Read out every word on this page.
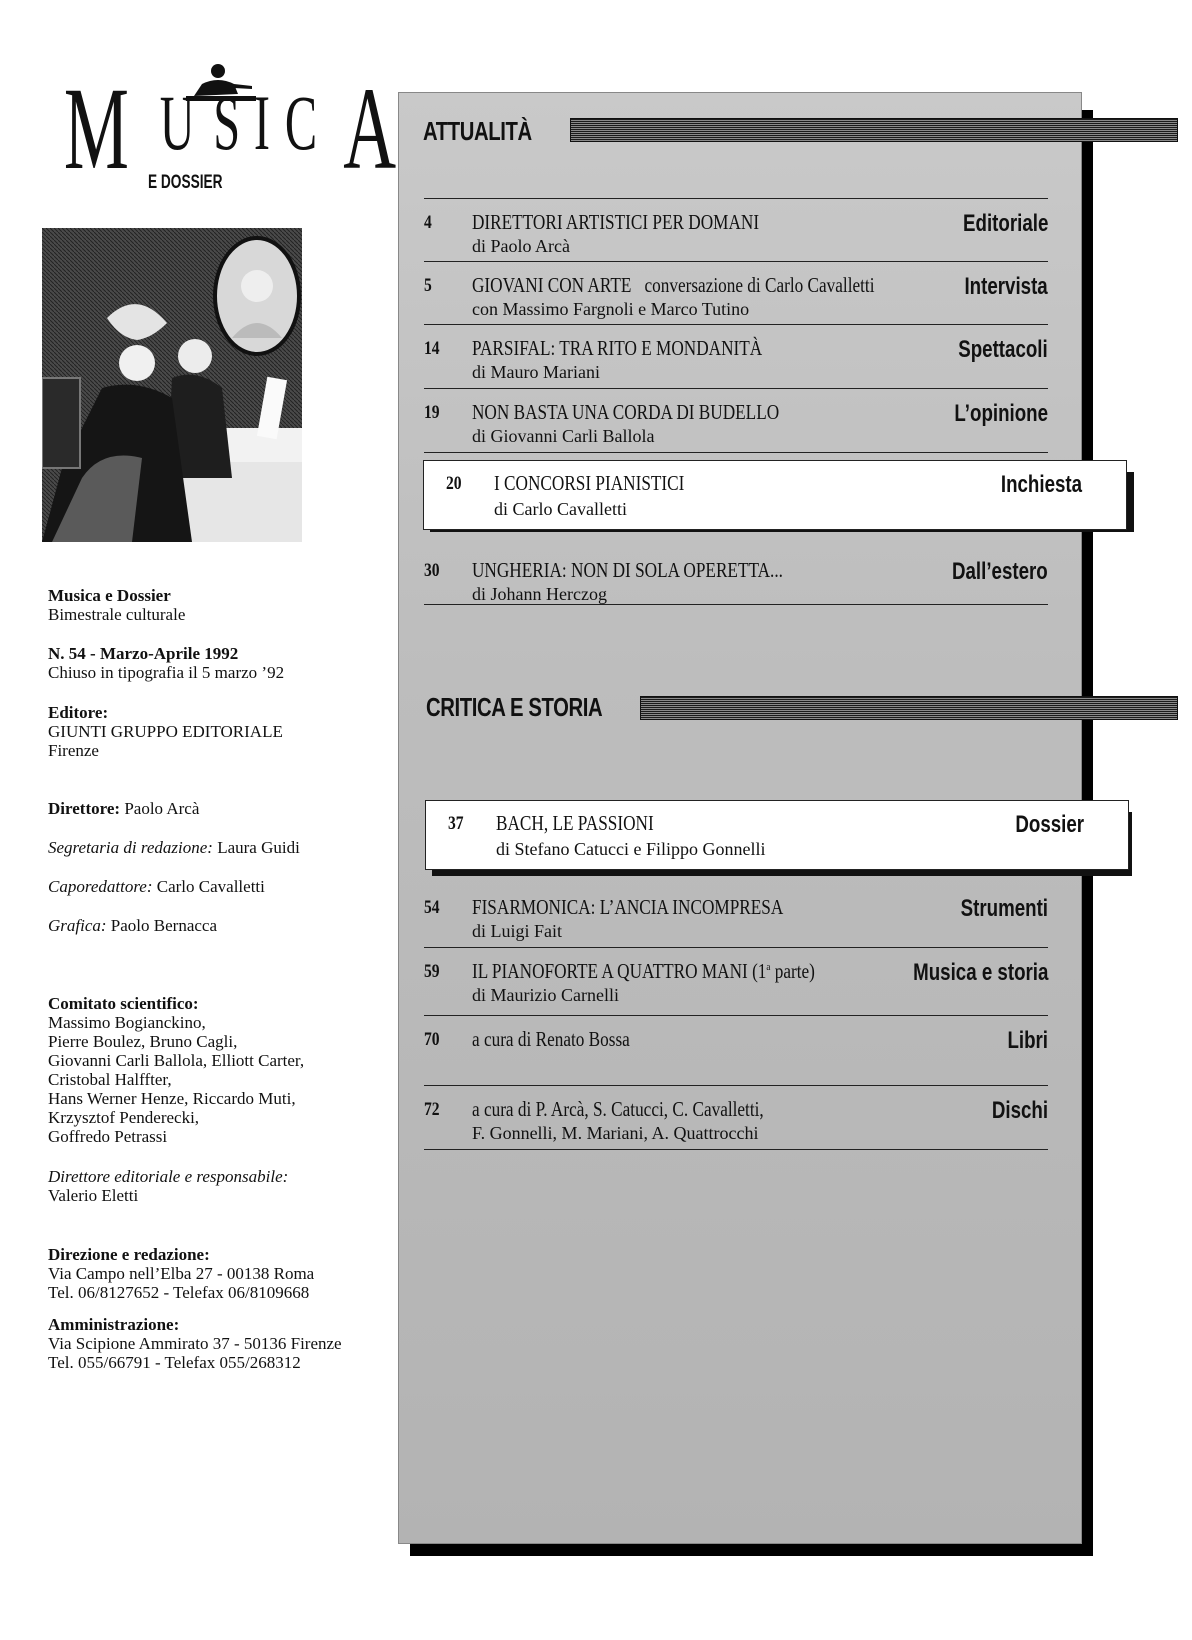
M U S I C A
E DOSSIER
Musica e Dossier
Bimestrale culturale
N. 54 - Marzo-Aprile 1992
Chiuso in tipografia il 5 marzo ’92
Editore:
GIUNTI GRUPPO EDITORIALE
Firenze
Direttore: Paolo Arcà
Segretaria di redazione: Laura Guidi
Caporedattore: Carlo Cavalletti
Grafica: Paolo Bernacca
Comitato scientifico:
Massimo Bogianckino,
Pierre Boulez, Bruno Cagli,
Giovanni Carli Ballola, Elliott Carter,
Cristobal Halffter,
Hans Werner Henze, Riccardo Muti,
Krzysztof Penderecki,
Goffredo Petrassi
Direttore editoriale e responsabile:
Valerio Eletti
Direzione e redazione:
Via Campo nell’Elba 27 - 00138 Roma
Tel. 06/8127652 - Telefax 06/8109668
Amministrazione:
Via Scipione Ammirato 37 - 50136 Firenze
Tel. 055/66791 - Telefax 055/268312
ATTUALITÀ
4 DIRETTORI ARTISTICI PER DOMANI
di Paolo Arcà
Editoriale
5 GIOVANI CON ARTE conversazione di Carlo Cavalletti
con Massimo Fargnoli e Marco Tutino
Intervista
14 PARSIFAL: TRA RITO E MONDANITÀ
di Mauro Mariani
Spettacoli
19 NON BASTA UNA CORDA DI BUDELLO
di Giovanni Carli Ballola
L’opinione
20 I CONCORSI PIANISTICI
di Carlo Cavalletti
Inchiesta
30 UNGHERIA: NON DI SOLA OPERETTA...
di Johann Herczog
Dall’estero
CRITICA E STORIA
37 BACH, LE PASSIONI
di Stefano Catucci e Filippo Gonnelli
Dossier
54 FISARMONICA: L’ANCIA INCOMPRESA
di Luigi Fait
Strumenti
59 IL PIANOFORTE A QUATTRO MANI (1$^a$ parte)
di Maurizio Carnelli
Musica e storia
70 a cura di Renato Bossa	Libri
72 a cura di P. Arcà, S. Catucci, C. Cavalletti,
F. Gonnelli, M. Mariani, A. Quattrocchi
Dischi
